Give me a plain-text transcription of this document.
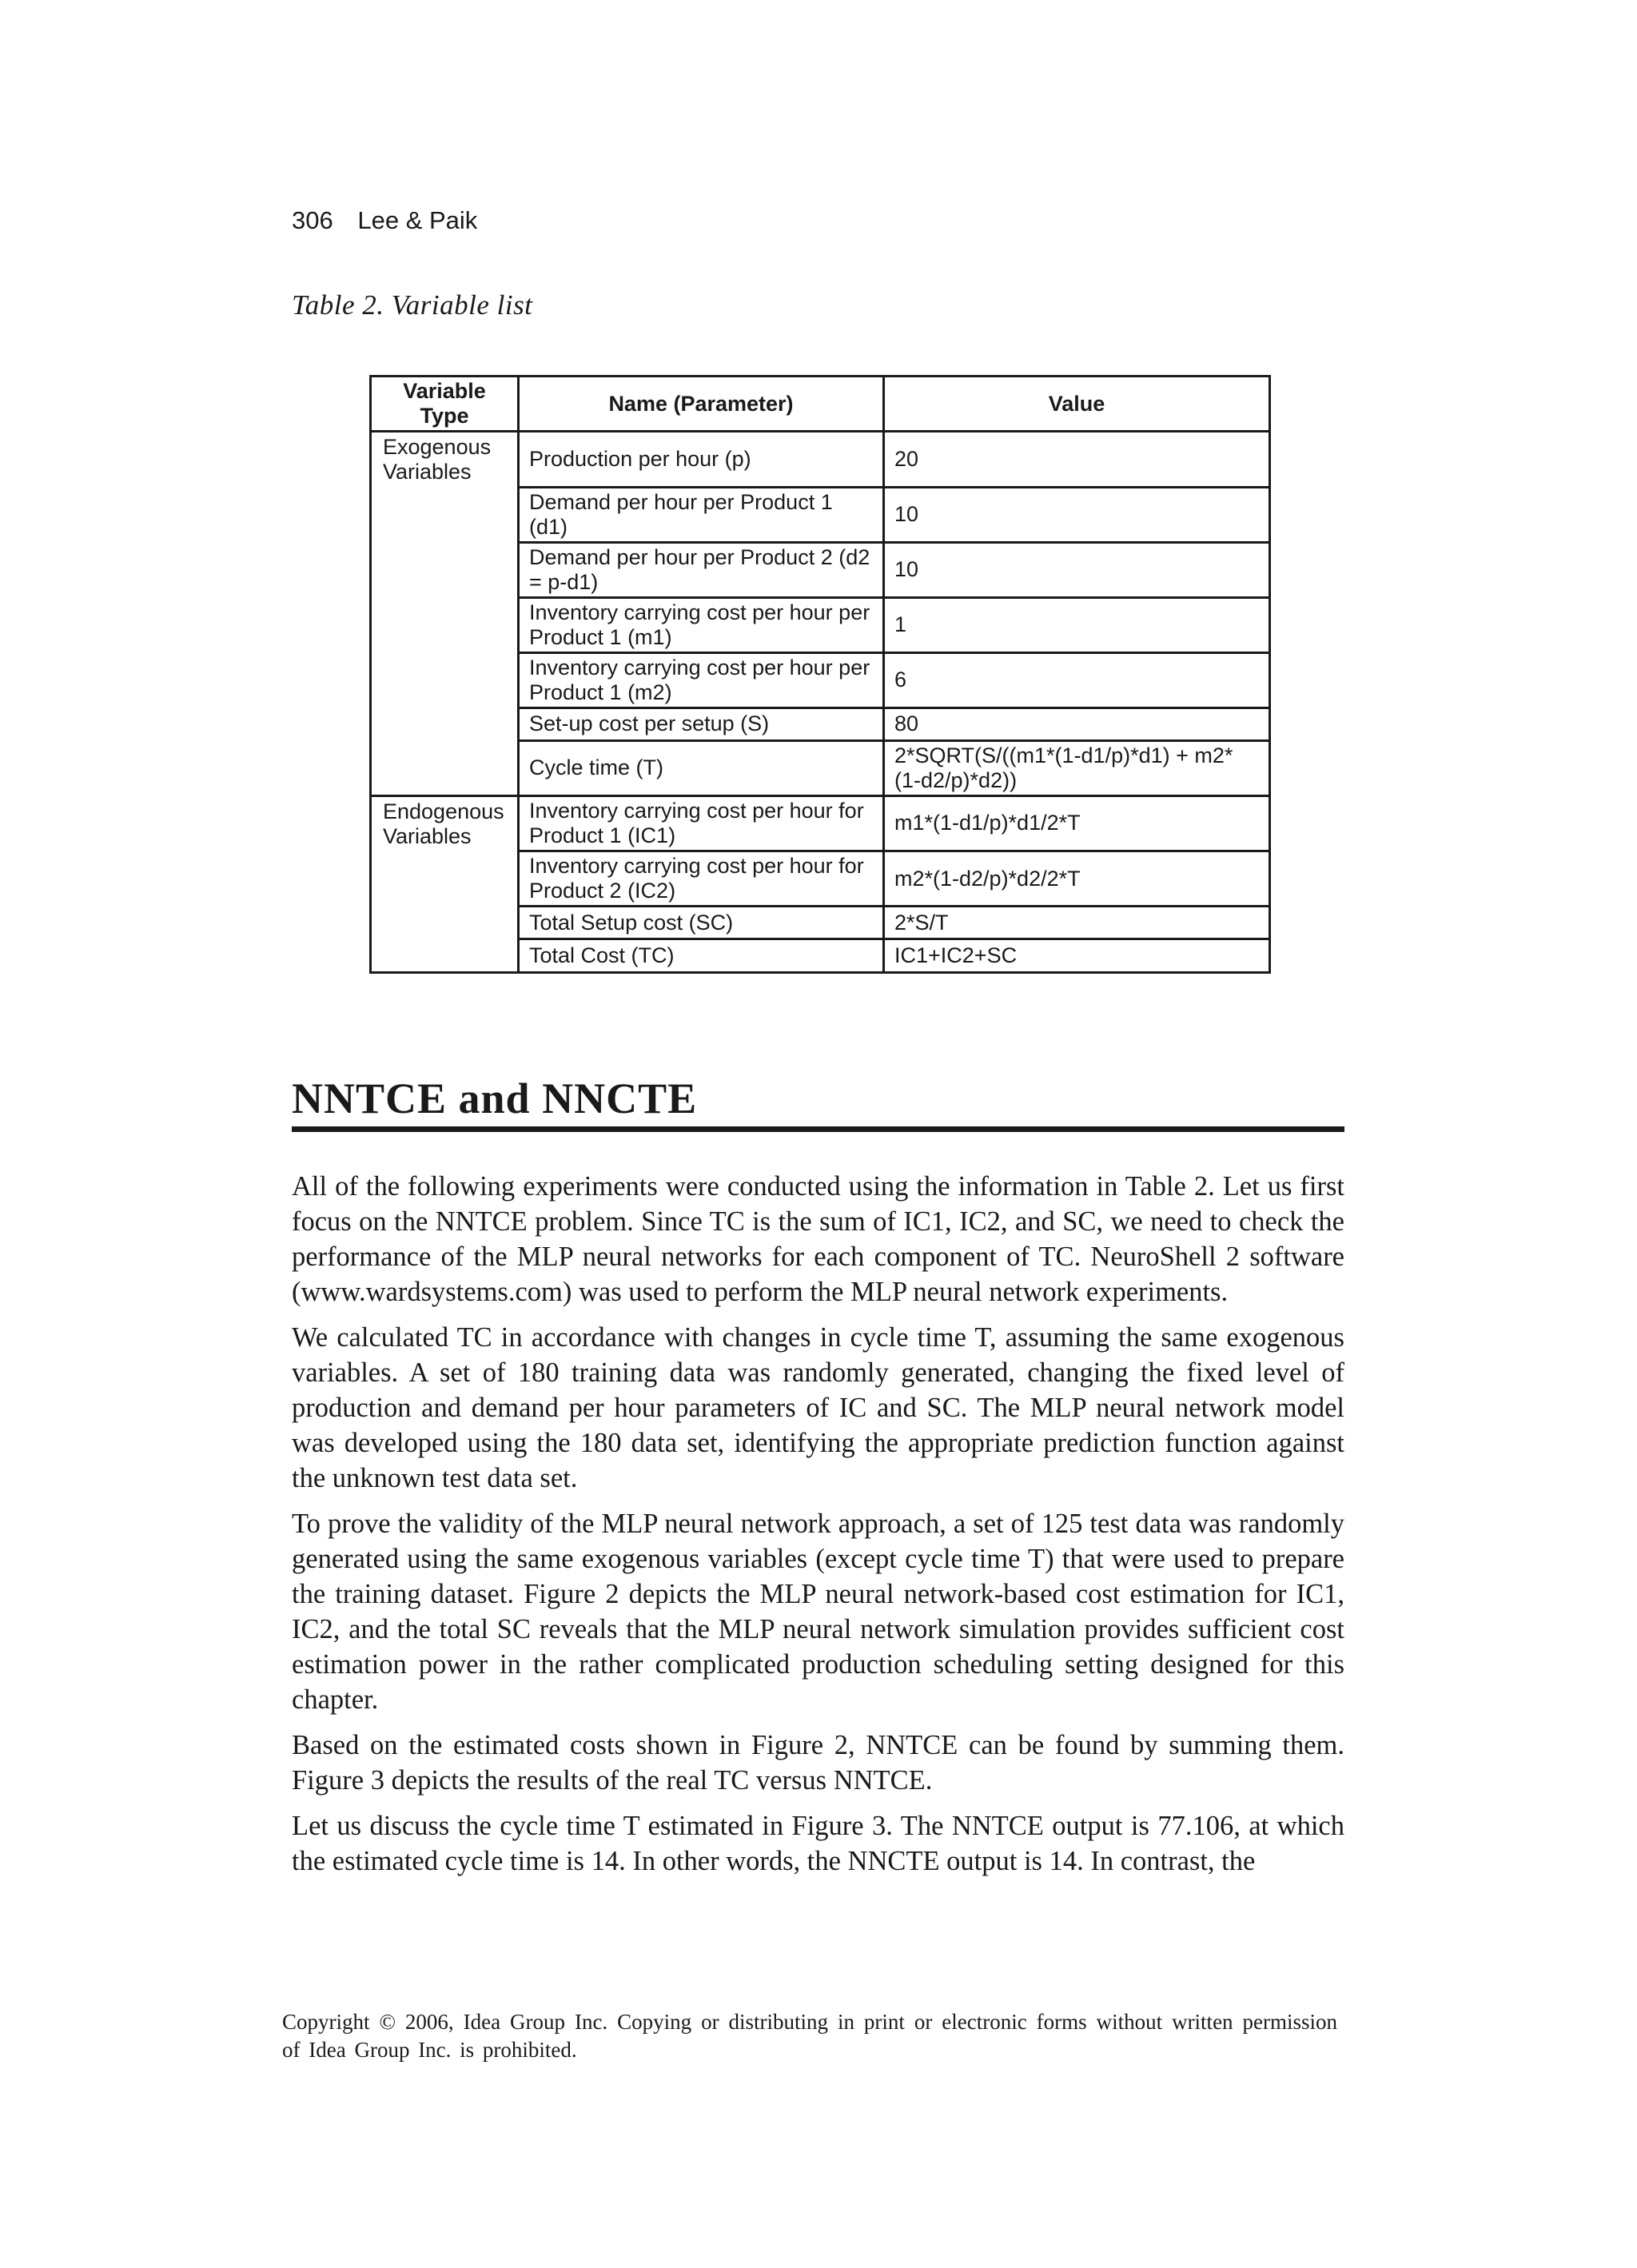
306 Lee & Paik
Table 2. Variable list
Variable Type	Name (Parameter)	Value
Exogenous Variables	Production per hour (p)	20
	Demand per hour per Product 1 (d1)	10
	Demand per hour per Product 2 (d2 = p-d1)	10
	Inventory carrying cost per hour per Product 1 (m1)	1
	Inventory carrying cost per hour per Product 1 (m2)	6
	Set-up cost per setup (S)	80
	Cycle time (T)	2*SQRT(S/((m1*(1-d1/p)*d1) + m2*(1-d2/p)*d2))
Endogenous Variables	Inventory carrying cost per hour for Product 1 (IC1)	m1*(1-d1/p)*d1/2*T
	Inventory carrying cost per hour for Product 2 (IC2)	m2*(1-d2/p)*d2/2*T
	Total Setup cost (SC)	2*S/T
	Total Cost (TC)	IC1+IC2+SC
NNTCE and NNCTE

All of the following experiments were conducted using the information in Table 2. Let us first focus on the NNTCE problem. Since TC is the sum of IC1, IC2, and SC, we need to check the performance of the MLP neural networks for each component of TC. NeuroShell 2 software (www.wardsystems.com) was used to perform the MLP neural network experiments.

We calculated TC in accordance with changes in cycle time T, assuming the same exogenous variables. A set of 180 training data was randomly generated, changing the fixed level of production and demand per hour parameters of IC and SC. The MLP neural network model was developed using the 180 data set, identifying the appropriate prediction function against the unknown test data set.

To prove the validity of the MLP neural network approach, a set of 125 test data was randomly generated using the same exogenous variables (except cycle time T) that were used to prepare the training dataset. Figure 2 depicts the MLP neural network-based cost estimation for IC1, IC2, and the total SC reveals that the MLP neural network simulation provides sufficient cost estimation power in the rather complicated production scheduling setting designed for this chapter.

Based on the estimated costs shown in Figure 2, NNTCE can be found by summing them. Figure 3 depicts the results of the real TC versus NNTCE.

Let us discuss the cycle time T estimated in Figure 3. The NNTCE output is 77.106, at which the estimated cycle time is 14. In other words, the NNCTE output is 14. In contrast, the

Copyright © 2006, Idea Group Inc. Copying or distributing in print or electronic forms without written permission of Idea Group Inc. is prohibited.
